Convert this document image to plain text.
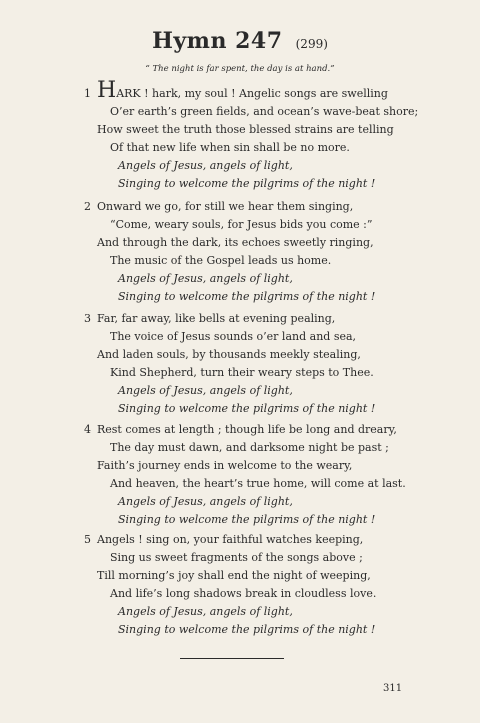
Hymn 247 (299)
“ The night is far spent, the day is at hand.”
1 HARK ! hark, my soul ! Angelic songs are swelling
O’er earth’s green fields, and ocean’s wave-beat shore;
How sweet the truth those blessed strains are telling
Of that new life when sin shall be no more.
Angels of Jesus, angels of light,
Singing to welcome the pilgrims of the night !
2 Onward we go, for still we hear them singing,
“Come, weary souls, for Jesus bids you come :”
And through the dark, its echoes sweetly ringing,
The music of the Gospel leads us home.
Angels of Jesus, angels of light,
Singing to welcome the pilgrims of the night !
3 Far, far away, like bells at evening pealing,
The voice of Jesus sounds o’er land and sea,
And laden souls, by thousands meekly stealing,
Kind Shepherd, turn their weary steps to Thee.
Angels of Jesus, angels of light,
Singing to welcome the pilgrims of the night !
4 Rest comes at length ; though life be long and dreary,
The day must dawn, and darksome night be past ;
Faith’s journey ends in welcome to the weary,
And heaven, the heart’s true home, will come at last.
Angels of Jesus, angels of light,
Singing to welcome the pilgrims of the night !
5 Angels ! sing on, your faithful watches keeping,
Sing us sweet fragments of the songs above ;
Till morning’s joy shall end the night of weeping,
And life’s long shadows break in cloudless love.
Angels of Jesus, angels of light,
Singing to welcome the pilgrims of the night !
311
